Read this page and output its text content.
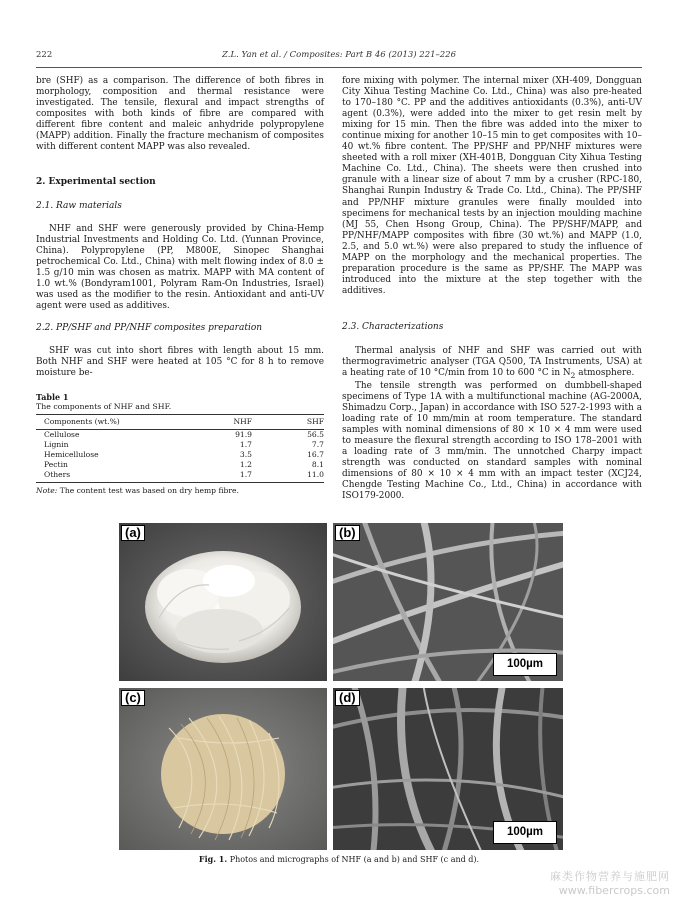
222	Z.L. Yan et al. / Composites: Part B 46 (2013) 221–226

bre (SHF) as a comparison. The difference of both fibres in morphology, composition and thermal resistance were investigated. The tensile, flexural and impact strengths of composites with both kinds of fibre are compared with different fibre content and maleic anhydride polypropylene (MAPP) addition. Finally the fracture mechanism of composites with different content MAPP was also revealed.

2. Experimental section

2.1. Raw materials

NHF and SHF were generously provided by China-Hemp Industrial Investments and Holding Co. Ltd. (Yunnan Province, China). Polypropylene (PP, M800E, Sinopec Shanghai petrochemical Co. Ltd., China) with melt flowing index of 8.0 ± 1.5 g/10 min was chosen as matrix. MAPP with MA content of 1.0 wt.% (Bondyram1001, Polyram Ram-On Industries, Israel) was used as the modifier to the resin. Antioxidant and anti-UV agent were used as additives.

2.2. PP/SHF and PP/NHF composites preparation

SHF was cut into short fibres with length about 15 mm. Both NHF and SHF were heated at 105 °C for 8 h to remove moisture be-

Table 1
The components of NHF and SHF.
Components (wt.%)	NHF	SHF
Cellulose	91.9	56.5
Lignin	1.7	7.7
Hemicellulose	3.5	16.7
Pectin	1.2	8.1
Others	1.7	11.0
Note: The content test was based on dry hemp fibre.

fore mixing with polymer. The internal mixer (XH-409, Dongguan City Xihua Testing Machine Co. Ltd., China) was also pre-heated to 170–180 °C. PP and the additives antioxidants (0.3%), anti-UV agent (0.3%), were added into the mixer to get resin melt by mixing for 15 min. Then the fibre was added into the mixer to continue mixing for another 10–15 min to get composites with 10–40 wt.% fibre content. The PP/SHF and PP/NHF mixtures were sheeted with a roll mixer (XH-401B, Dongguan City Xihua Testing Machine Co. Ltd., China). The sheets were then crushed into granule with a linear size of about 7 mm by a crusher (RPC-180, Shanghai Runpin Industry & Trade Co. Ltd., China). The PP/SHF and PP/NHF mixture granules were finally moulded into specimens for mechanical tests by an injection moulding machine (MJ 55, Chen Hsong Group, China). The PP/SHF/MAPP, and PP/NHF/MAPP composites with fibre (30 wt.%) and MAPP (1.0, 2.5, and 5.0 wt.%) were also prepared to study the influence of MAPP on the morphology and the mechanical properties. The preparation procedure is the same as PP/SHF. The MAPP was introduced into the mixture at the step together with the additives.

2.3. Characterizations

Thermal analysis of NHF and SHF was carried out with thermogravimetric analyser (TGA Q500, TA Instruments, USA) at a heating rate of 10 °C/min from 10 to 600 °C in $N_2$ atmosphere.

The tensile strength was performed on dumbbell-shaped specimens of Type 1A with a multifunctional machine (AG-2000A, Shimadzu Corp., Japan) in accordance with ISO 527-2-1993 with a loading rate of 10 mm/min at room temperature. The standard samples with nominal dimensions of 80 × 10 × 4 mm were used to measure the flexural strength according to ISO 178–2001 with a loading rate of 3 mm/min. The unnotched Charpy impact strength was conducted on standard samples with nominal dimensions of 80 × 10 × 4 mm with an impact tester (XCJ24, Chengde Testing Machine Co., Ltd., China) in accordance with ISO179-2000.

(a)	(b)
100µm
(c)	(d)
100µm
Fig. 1. Photos and micrographs of NHF (a and b) and SHF (c and d).
麻类作物营养与施肥网
www.fibercrops.com
